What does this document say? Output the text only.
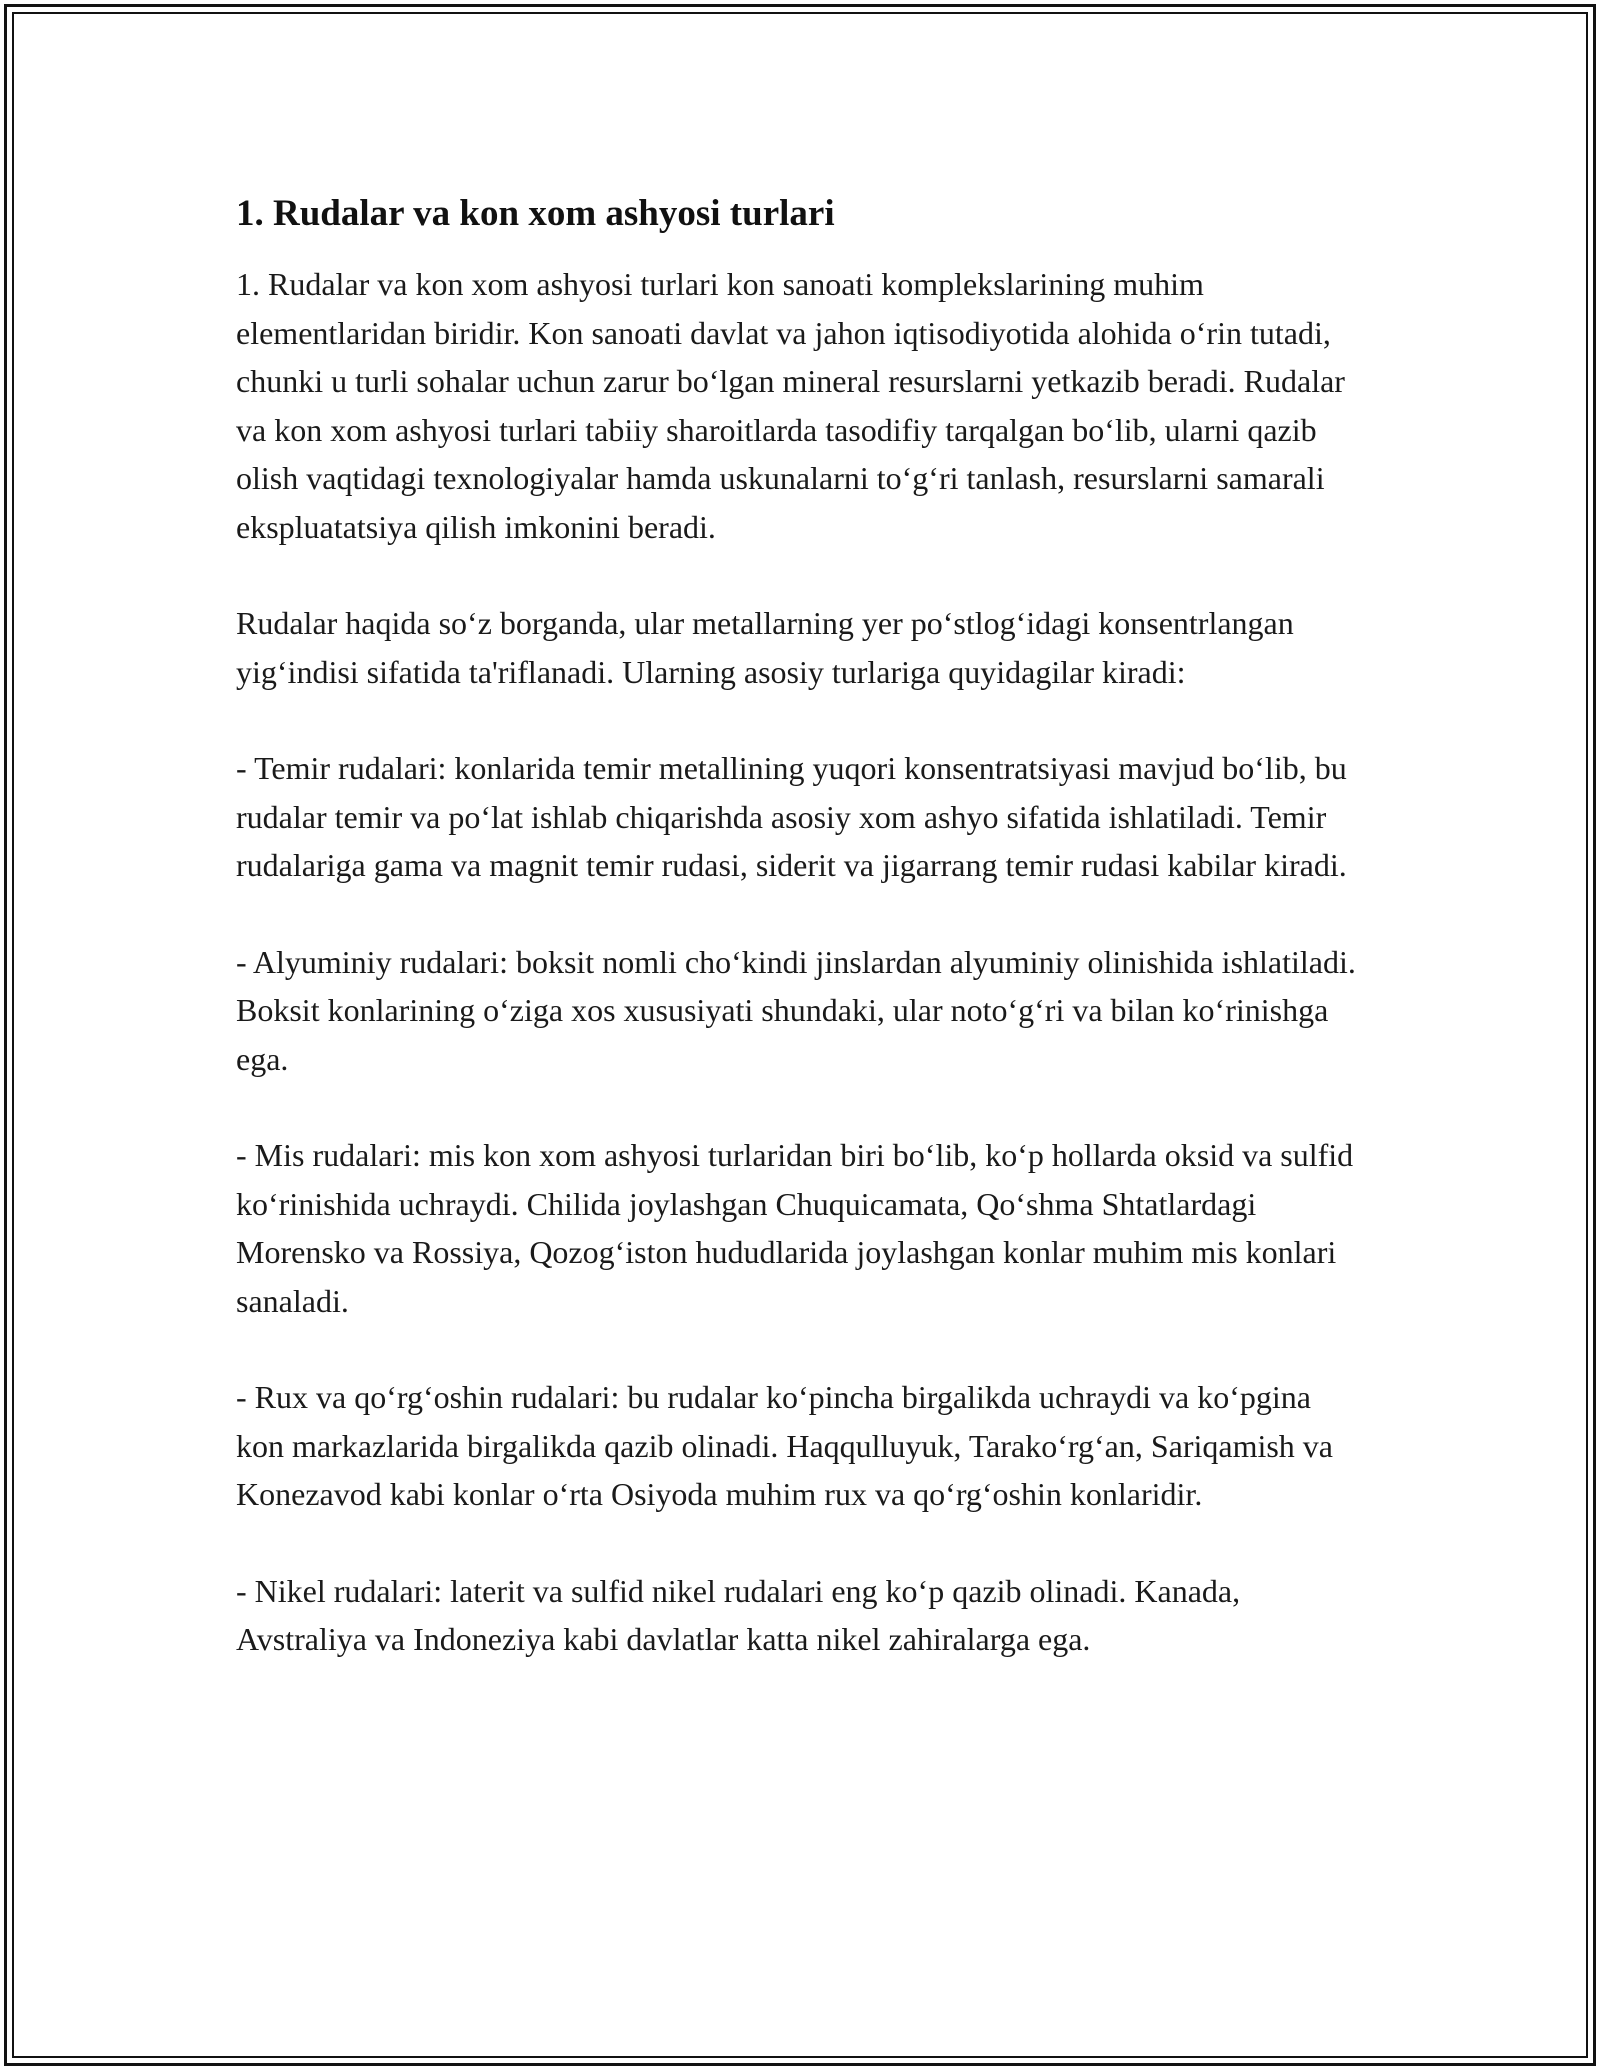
1. Rudalar va kon xom ashyosi turlari

1. Rudalar va kon xom ashyosi turlari kon sanoati komplekslarining muhim elementlaridan biridir. Kon sanoati davlat va jahon iqtisodiyotida alohida o‘rin tutadi, chunki u turli sohalar uchun zarur bo‘lgan mineral resurslarni yetkazib beradi. Rudalar va kon xom ashyosi turlari tabiiy sharoitlarda tasodifiy tarqalgan bo‘lib, ularni qazib olish vaqtidagi texnologiyalar hamda uskunalarni to‘g‘ri tanlash, resurslarni samarali ekspluatatsiya qilish imkonini beradi.

Rudalar haqida so‘z borganda, ular metallarning yer po‘stlog‘idagi konsentrlangan yig‘indisi sifatida ta'riflanadi. Ularning asosiy turlariga quyidagilar kiradi:

- Temir rudalari: konlarida temir metallining yuqori konsentratsiyasi mavjud bo‘lib, bu rudalar temir va po‘lat ishlab chiqarishda asosiy xom ashyo sifatida ishlatiladi. Temir rudalariga gama va magnit temir rudasi, siderit va jigarrang temir rudasi kabilar kiradi.

- Alyuminiy rudalari: boksit nomli cho‘kindi jinslardan alyuminiy olinishida ishlatiladi. Boksit konlarining o‘ziga xos xususiyati shundaki, ular noto‘g‘ri va bilan ko‘rinishga ega.

- Mis rudalari: mis kon xom ashyosi turlaridan biri bo‘lib, ko‘p hollarda oksid va sulfid ko‘rinishida uchraydi. Chilida joylashgan Chuquicamata, Qo‘shma Shtatlardagi Morensko va Rossiya, Qozog‘iston hududlarida joylashgan konlar muhim mis konlari sanaladi.

- Rux va qo‘rg‘oshin rudalari: bu rudalar ko‘pincha birgalikda uchraydi va ko‘pgina kon markazlarida birgalikda qazib olinadi. Haqqulluyuk, Tarako‘rg‘an, Sariqamish va Konezavod kabi konlar o‘rta Osiyoda muhim rux va qo‘rg‘oshin konlaridir.

- Nikel rudalari: laterit va sulfid nikel rudalari eng ko‘p qazib olinadi. Kanada, Avstraliya va Indoneziya kabi davlatlar katta nikel zahiralarga ega.
